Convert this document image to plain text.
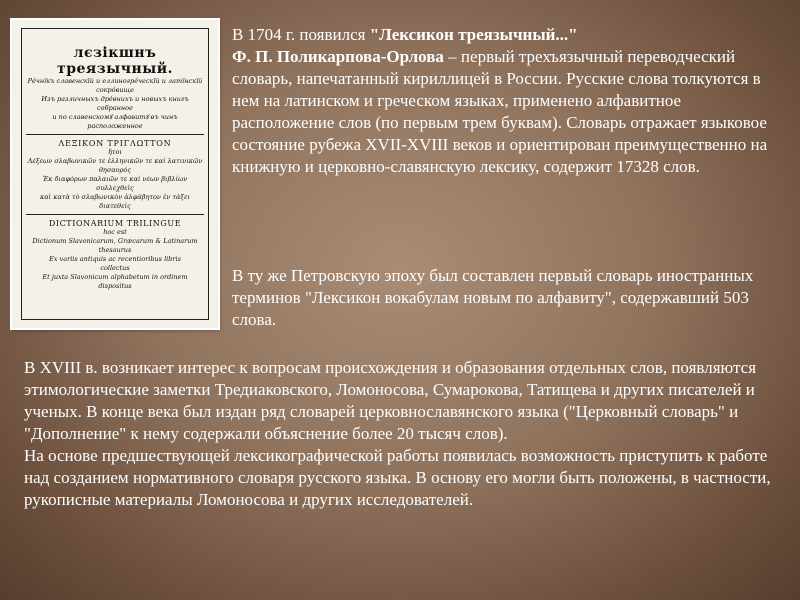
лєзікшнъ треязычный.
Ре́чнїкъ славенскїй и еллиногре́ческїй и латїнскїй
сокро́вище
Изъ различныхъ дре́внихъ и новыхъ книгъ
собранное
и по славенскомꙋ алфавитꙋ въ чинъ
расположенное
ΛΕΞΙΚΟΝ ΤΡΙΓΛΩΤΤΟΝ
ἤτοι
Λέξεων σλαβωνικῶν τε ἑλληνικῶν τε καὶ λατινικῶν
θησαυρός
Ἐκ διαφόρων παλαιῶν τε καὶ νέων βιβλίων
συλλεχθεὶς
καὶ κατὰ τὸ σλαβωνικὸν ἀλφάβητον ἐν τάξει
διατεθεὶς
DICTIONARIUM TRILINGUE
hoc est
Dictionum Slavonicarum, Græcarum & Latinarum
thesaurus
Ex variis antiquis ac recentioribus libris
collectus
Et juxta Slavonicum alphabetum in ordinem
dispositus

В 1704 г. появился "Лексикон треязычный..."
Ф. П. Поликарпова-Орлова – первый трехъязычный переводческий словарь, напечатанный кириллицей в России. Русские слова толкуются в нем на латинском и греческом языках, применено алфавитное расположение слов (по первым трем буквам). Словарь отражает языковое состояние рубежа XVII-XVIII веков и ориентирован преимущественно на книжную и церковно-славянскую лексику, содержит 17328 слов.

В ту же Петровскую эпоху был составлен первый словарь иностранных терминов "Лексикон вокабулам новым по алфавиту", содержавший 503 слова.

В XVIII в. возникает интерес к вопросам происхождения и образования отдельных слов, появляются этимологические заметки Тредиаковского, Ломоносова, Сумарокова, Татищева и других писателей и ученых. В конце века был издан ряд словарей церковнославянского языка ("Церковный словарь" и "Дополнение" к нему содержали объяснение более 20 тысяч слов).

На основе предшествующей лексикографической работы появилась возможность приступить к работе над созданием нормативного словаря русского языка. В основу его могли быть положены, в частности, рукописные материалы Ломоносова и других исследователей.
